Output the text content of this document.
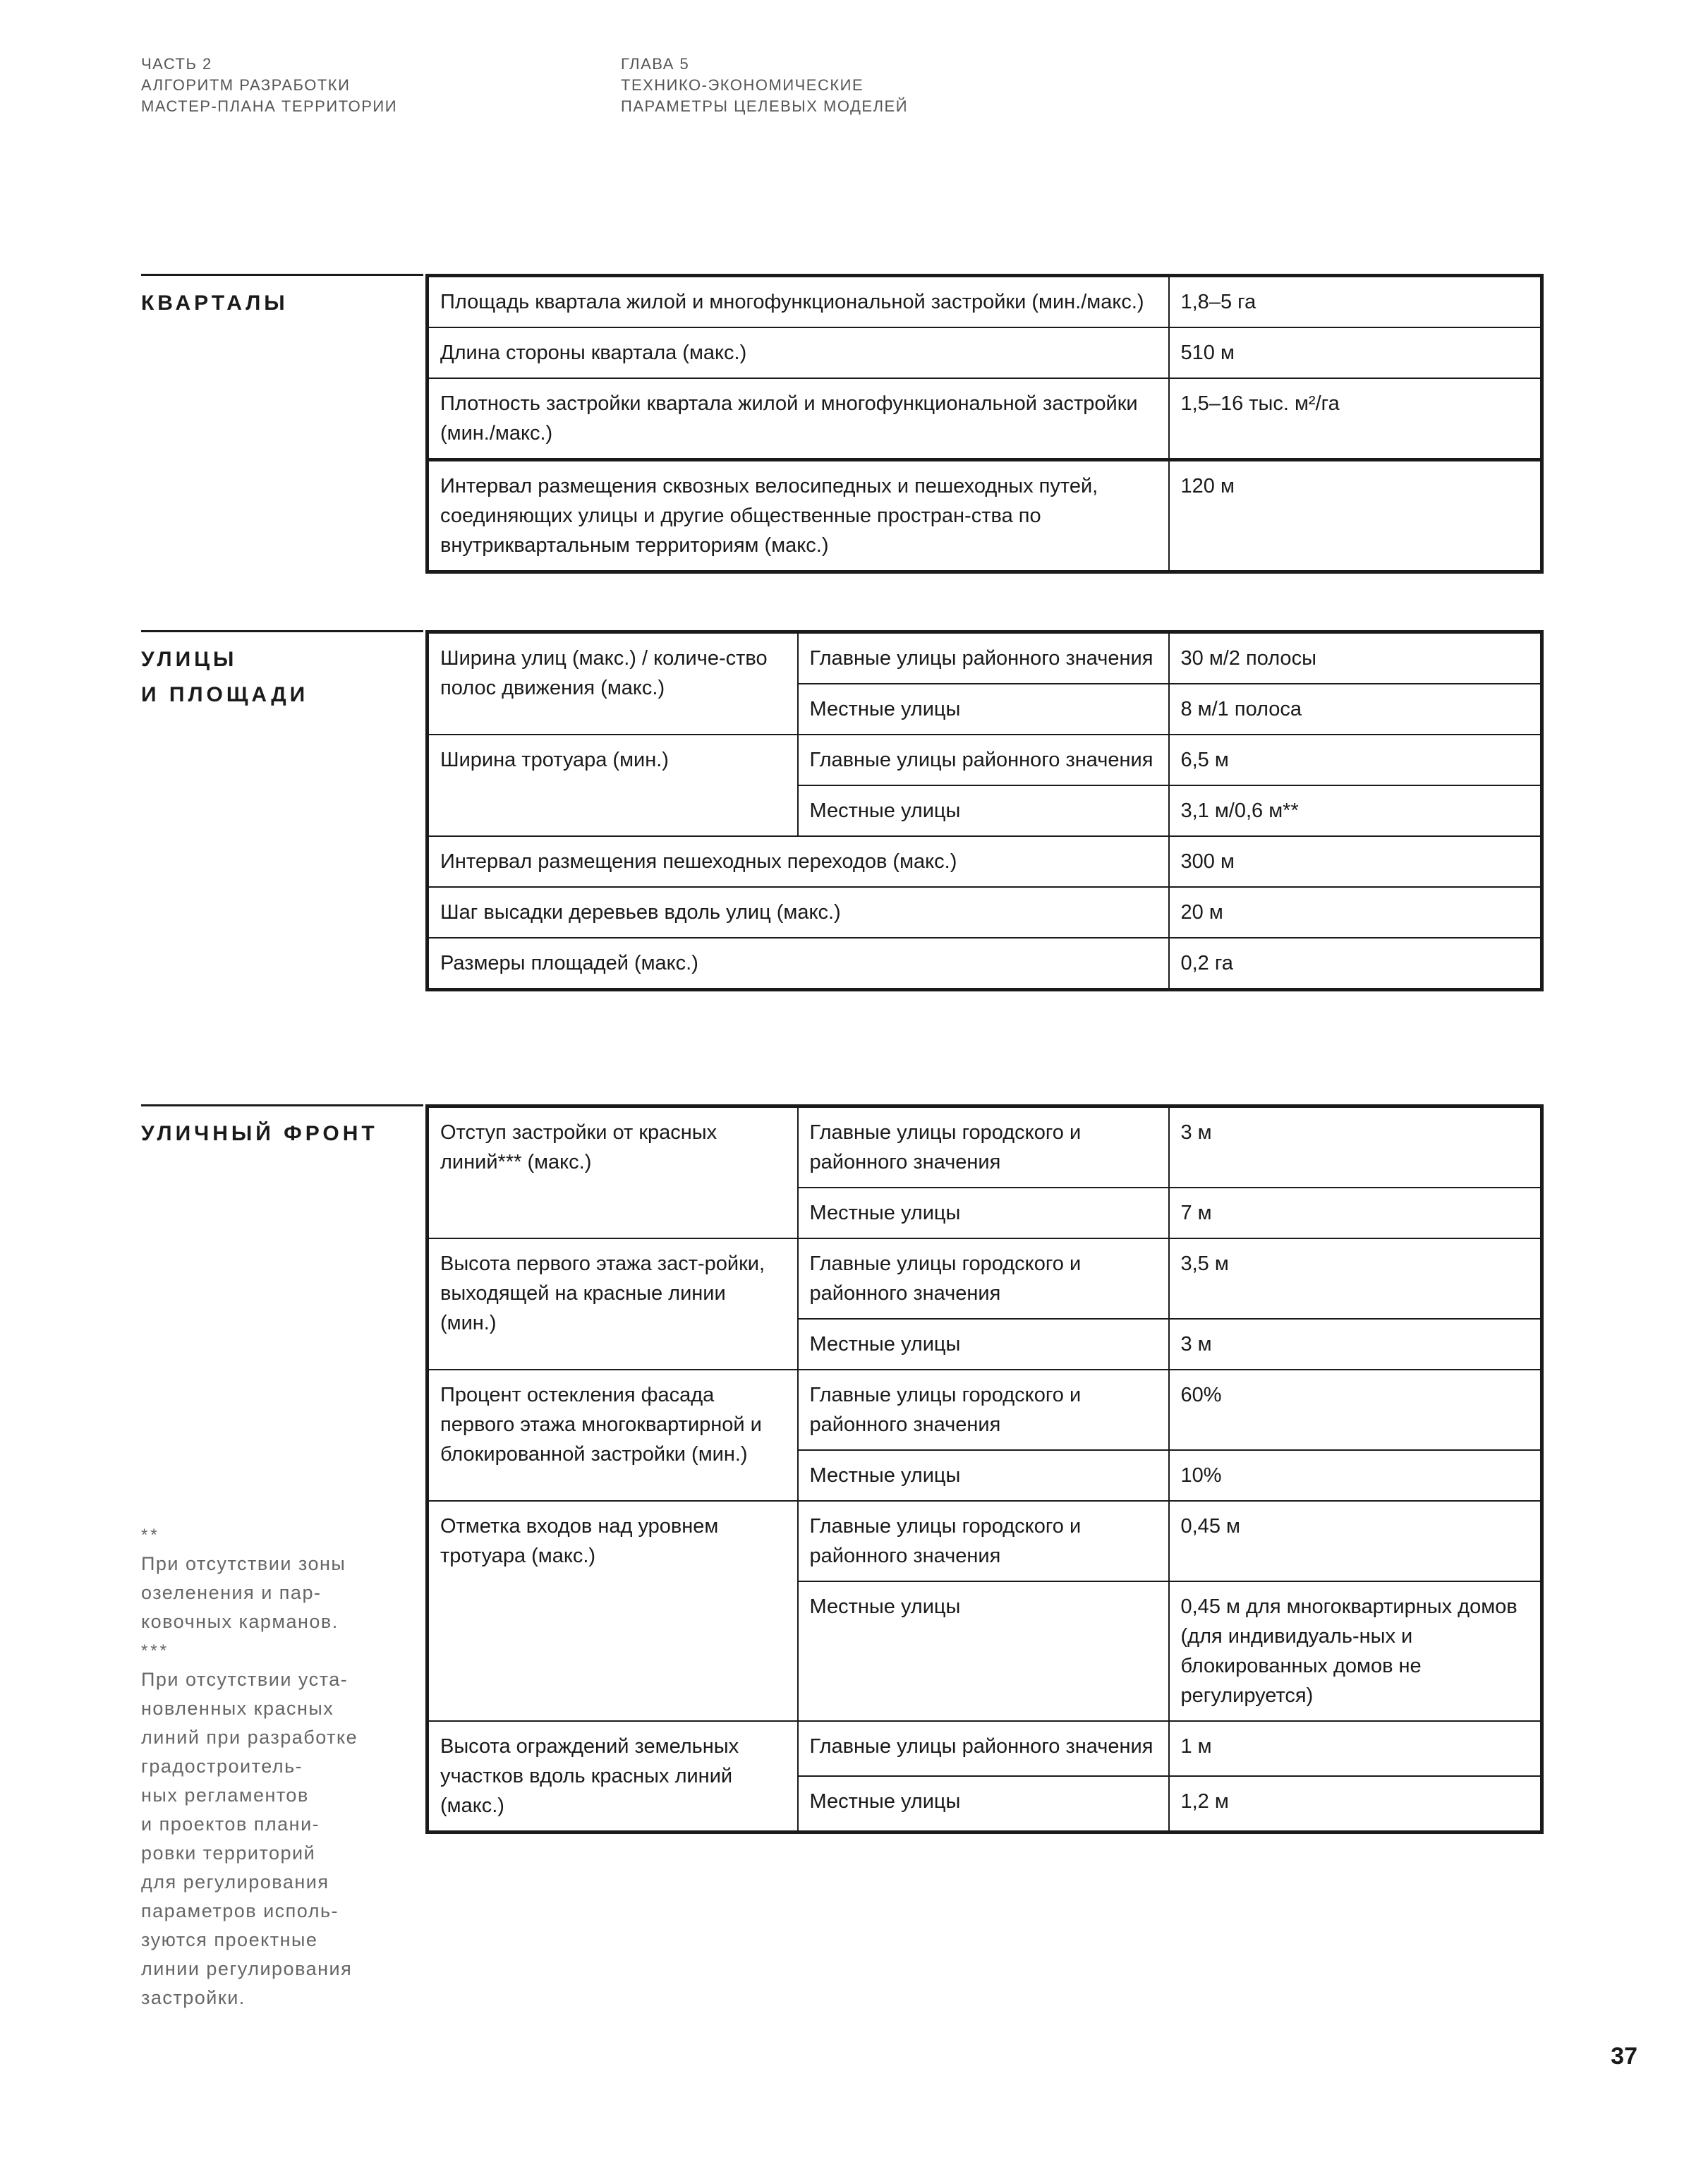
ЧАСТЬ 2
АЛГОРИТМ РАЗРАБОТКИ
МАСТЕР-ПЛАНА ТЕРРИТОРИИ
ГЛАВА 5
ТЕХНИКО-ЭКОНОМИЧЕСКИЕ
ПАРАМЕТРЫ ЦЕЛЕВЫХ МОДЕЛЕЙ
КВАРТАЛЫ	Площадь квартала жилой и многофункциональной застройки (мин./макс.)	1,8–5 га
Длина стороны квартала (макс.)	510 м
Плотность застройки квартала жилой и многофункциональной застройки (мин./макс.)	1,5–16 тыс. м²/га
Интервал размещения сквозных велосипедных и пешеходных путей, соединяющих улицы и другие общественные простран-ства по внутриквартальным территориям (макс.)	120 м
УЛИЦЫ
И ПЛОЩАДИ
Ширина улиц (макс.) / количе-ство полос движения (макс.)	Главные улицы районного значения	30 м/2 полосы
	Местные улицы	8 м/1 полоса
Ширина тротуара (мин.)	Главные улицы районного значения	6,5 м
	Местные улицы	3,1 м/0,6 м**
Интервал размещения пешеходных переходов (макс.)		300 м
Шаг высадки деревьев вдоль улиц (макс.)		20 м
Размеры площадей (макс.)		0,2 га
УЛИЧНЫЙ ФРОНТ	Отступ застройки от красных линий*** (макс.)	Главные улицы городского и районного значения	3 м
	Местные улицы	7 м
Высота первого этажа заст-ройки, выходящей на красные линии (мин.)	Главные улицы городского и районного значения	3,5 м
	Местные улицы	3 м
Процент остекления фасада первого этажа многоквартирной и блокированной застройки (мин.)	Главные улицы городского и районного значения	60%
	Местные улицы	10%
Отметка входов над уровнем тротуара (макс.)	Главные улицы городского и районного значения	0,45 м
	Местные улицы	0,45 м для многоквартирных домов (для индивидуаль-ных и блокированных домов не регулируется)
Высота ограждений земельных участков вдоль красных линий (макс.)	Главные улицы районного значения	1 м
	Местные улицы	1,2 м
**
При отсутствии зоны
озеленения и пар-
ковочных карманов.
***
При отсутствии уста-
новленных красных
линий при разработке
градостроитель-
ных регламентов
и проектов плани-
ровки территорий
для регулирования
параметров исполь-
зуются проектные
линии регулирования
застройки.
37
